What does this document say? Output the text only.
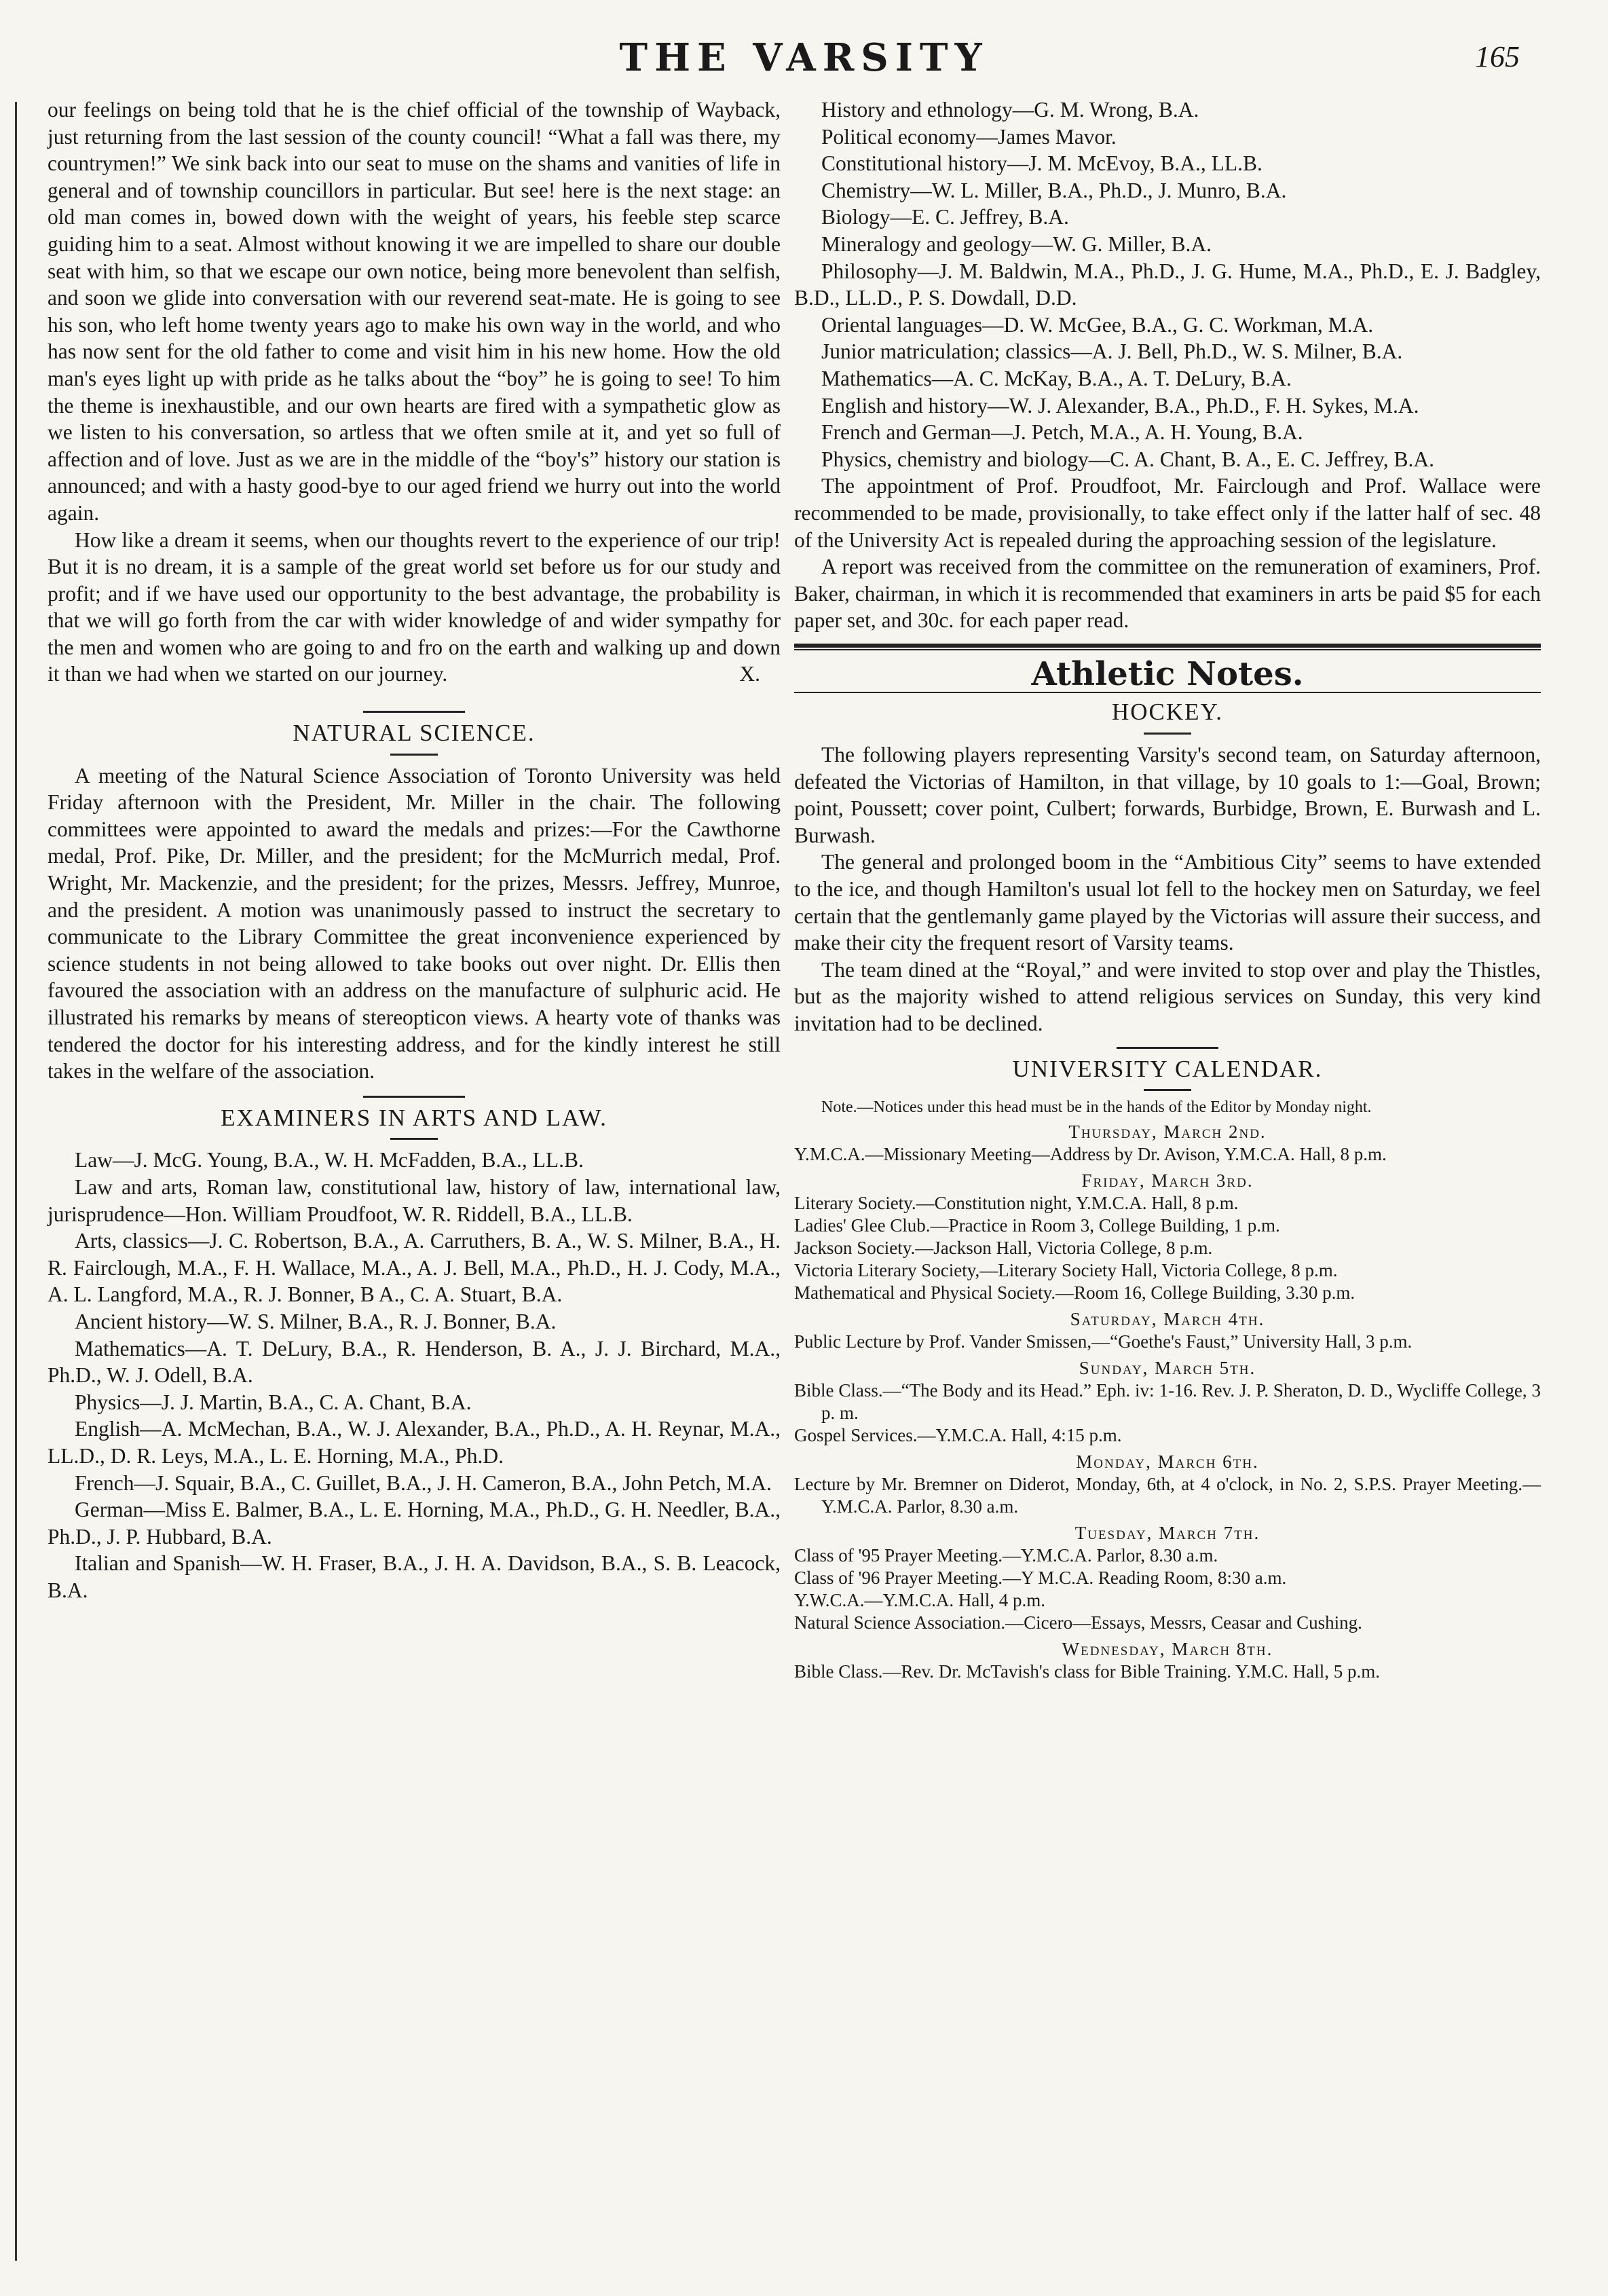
THE VARSITY	165

our feelings on being told that he is the chief official of the township of Wayback, just returning from the last session of the county council! “What a fall was there, my countrymen!” We sink back into our seat to muse on the shams and vanities of life in general and of township councillors in particular. But see! here is the next stage: an old man comes in, bowed down with the weight of years, his feeble step scarce guiding him to a seat. Almost without knowing it we are impelled to share our double seat with him, so that we escape our own notice, being more benevolent than selfish, and soon we glide into conversation with our reverend seat-mate. He is going to see his son, who left home twenty years ago to make his own way in the world, and who has now sent for the old father to come and visit him in his new home. How the old man's eyes light up with pride as he talks about the “boy” he is going to see! To him the theme is inexhaustible, and our own hearts are fired with a sympathetic glow as we listen to his conversation, so artless that we often smile at it, and yet so full of affection and of love. Just as we are in the middle of the “boy's” history our station is announced; and with a hasty good-bye to our aged friend we hurry out into the world again.

How like a dream it seems, when our thoughts revert to the experience of our trip! But it is no dream, it is a sample of the great world set before us for our study and profit; and if we have used our opportunity to the best advantage, the probability is that we will go forth from the car with wider knowledge of and wider sympathy for the men and women who are going to and fro on the earth and walking up and down it than we had when we started on our journey.	X.

NATURAL SCIENCE.

A meeting of the Natural Science Association of Toronto University was held Friday afternoon with the President, Mr. Miller in the chair. The following committees were appointed to award the medals and prizes:—For the Cawthorne medal, Prof. Pike, Dr. Miller, and the president; for the McMurrich medal, Prof. Wright, Mr. Mackenzie, and the president; for the prizes, Messrs. Jeffrey, Munroe, and the president. A motion was unanimously passed to instruct the secretary to communicate to the Library Committee the great inconvenience experienced by science students in not being allowed to take books out over night. Dr. Ellis then favoured the association with an address on the manufacture of sulphuric acid. He illustrated his remarks by means of stereopticon views. A hearty vote of thanks was tendered the doctor for his interesting address, and for the kindly interest he still takes in the welfare of the association.

EXAMINERS IN ARTS AND LAW.

Law—J. McG. Young, B.A., W. H. McFadden, B.A., LL.B.

Law and arts, Roman law, constitutional law, history of law, international law, jurisprudence—Hon. William Proudfoot, W. R. Riddell, B.A., LL.B.

Arts, classics—J. C. Robertson, B.A., A. Carruthers, B. A., W. S. Milner, B.A., H. R. Fairclough, M.A., F. H. Wallace, M.A., A. J. Bell, M.A., Ph.D., H. J. Cody, M.A., A. L. Langford, M.A., R. J. Bonner, B A., C. A. Stuart, B.A.

Ancient history—W. S. Milner, B.A., R. J. Bonner, B.A.

Mathematics—A. T. DeLury, B.A., R. Henderson, B. A., J. J. Birchard, M.A., Ph.D., W. J. Odell, B.A.

Physics—J. J. Martin, B.A., C. A. Chant, B.A.

English—A. McMechan, B.A., W. J. Alexander, B.A., Ph.D., A. H. Reynar, M.A., LL.D., D. R. Leys, M.A., L. E. Horning, M.A., Ph.D.

French—J. Squair, B.A., C. Guillet, B.A., J. H. Cameron, B.A., John Petch, M.A.

German—Miss E. Balmer, B.A., L. E. Horning, M.A., Ph.D., G. H. Needler, B.A., Ph.D., J. P. Hubbard, B.A.

Italian and Spanish—W. H. Fraser, B.A., J. H. A. Davidson, B.A., S. B. Leacock, B.A.

History and ethnology—G. M. Wrong, B.A.

Political economy—James Mavor.

Constitutional history—J. M. McEvoy, B.A., LL.B.

Chemistry—W. L. Miller, B.A., Ph.D., J. Munro, B.A.

Biology—E. C. Jeffrey, B.A.

Mineralogy and geology—W. G. Miller, B.A.

Philosophy—J. M. Baldwin, M.A., Ph.D., J. G. Hume, M.A., Ph.D., E. J. Badgley, B.D., LL.D., P. S. Dowdall, D.D.

Oriental languages—D. W. McGee, B.A., G. C. Workman, M.A.

Junior matriculation; classics—A. J. Bell, Ph.D., W. S. Milner, B.A.

Mathematics—A. C. McKay, B.A., A. T. DeLury, B.A.

English and history—W. J. Alexander, B.A., Ph.D., F. H. Sykes, M.A.

French and German—J. Petch, M.A., A. H. Young, B.A.

Physics, chemistry and biology—C. A. Chant, B. A., E. C. Jeffrey, B.A.

The appointment of Prof. Proudfoot, Mr. Fairclough and Prof. Wallace were recommended to be made, provisionally, to take effect only if the latter half of sec. 48 of the University Act is repealed during the approaching session of the legislature.

A report was received from the committee on the remuneration of examiners, Prof. Baker, chairman, in which it is recommended that examiners in arts be paid $5 for each paper set, and 30c. for each paper read.

Athletic Notes.
HOCKEY.

The following players representing Varsity's second team, on Saturday afternoon, defeated the Victorias of Hamilton, in that village, by 10 goals to 1:—Goal, Brown; point, Poussett; cover point, Culbert; forwards, Burbidge, Brown, E. Burwash and L. Burwash.

The general and prolonged boom in the “Ambitious City” seems to have extended to the ice, and though Hamilton's usual lot fell to the hockey men on Saturday, we feel certain that the gentlemanly game played by the Victorias will assure their success, and make their city the frequent resort of Varsity teams.

The team dined at the “Royal,” and were invited to stop over and play the Thistles, but as the majority wished to attend religious services on Sunday, this very kind invitation had to be declined.

UNIVERSITY CALENDAR.

Note.—Notices under this head must be in the hands of the Editor by Monday night.

Thursday, March 2nd.

Y.M.C.A.—Missionary Meeting—Address by Dr. Avison, Y.M.C.A. Hall, 8 p.m.

Friday, March 3rd.

Literary Society.—Constitution night, Y.M.C.A. Hall, 8 p.m.

Ladies' Glee Club.—Practice in Room 3, College Building, 1 p.m.

Jackson Society.—Jackson Hall, Victoria College, 8 p.m.

Victoria Literary Society,—Literary Society Hall, Victoria College, 8 p.m.

Mathematical and Physical Society.—Room 16, College Building, 3.30 p.m.

Saturday, March 4th.

Public Lecture by Prof. Vander Smissen,—“Goethe's Faust,” University Hall, 3 p.m.

Sunday, March 5th.

Bible Class.—“The Body and its Head.” Eph. iv: 1-16. Rev. J. P. Sheraton, D. D., Wycliffe College, 3 p. m.

Gospel Services.—Y.M.C.A. Hall, 4:15 p.m.

Monday, March 6th.

Lecture by Mr. Bremner on Diderot, Monday, 6th, at 4 o'clock, in No. 2, S.P.S. Prayer Meeting.—Y.M.C.A. Parlor, 8.30 a.m.

Tuesday, March 7th.

Class of '95 Prayer Meeting.—Y.M.C.A. Parlor, 8.30 a.m.

Class of '96 Prayer Meeting.—Y M.C.A. Reading Room, 8:30 a.m.

Y.W.C.A.—Y.M.C.A. Hall, 4 p.m.

Natural Science Association.—Cicero—Essays, Messrs, Ceasar and Cushing.

Wednesday, March 8th.

Bible Class.—Rev. Dr. McTavish's class for Bible Training. Y.M.C. Hall, 5 p.m.
